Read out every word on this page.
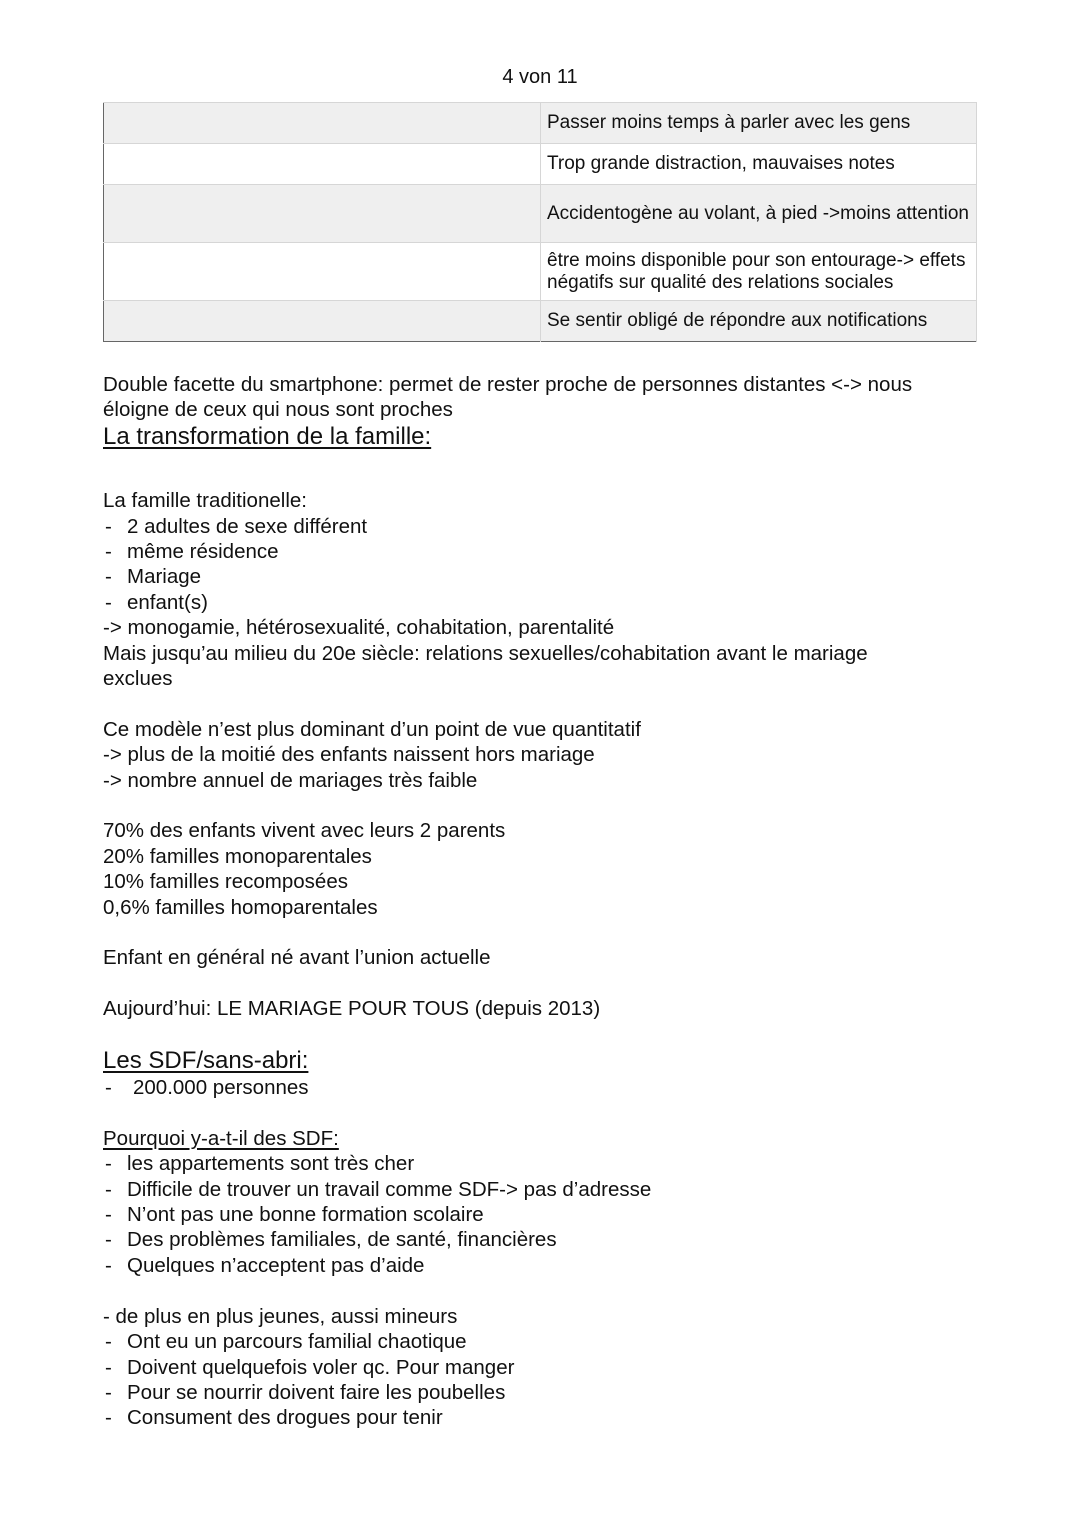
4 von 11
	Passer moins temps à parler avec les gens
	Trop grande distraction, mauvaises notes
	Accidentogène au volant, à pied ->moins attention
	être moins disponible pour son entourage-> effets négatifs sur qualité des relations sociales
	Se sentir obligé de répondre aux notifications
Double facette du smartphone: permet de rester proche de personnes distantes <-> nous
éloigne de ceux qui nous sont proches
La transformation de la famille:
La famille traditionelle:
- 2 adultes de sexe différent
- même résidence
- Mariage
- enfant(s)
-> monogamie, hétérosexualité, cohabitation, parentalité
Mais jusqu’au milieu du 20e siècle: relations sexuelles/cohabitation avant le mariage
exclues
Ce modèle n’est plus dominant d’un point de vue quantitatif
-> plus de la moitié des enfants naissent hors mariage
-> nombre annuel de mariages très faible
70% des enfants vivent avec leurs 2 parents
20% familles monoparentales
10% familles recomposées
0,6% familles homoparentales
Enfant en général né avant l’union actuelle
Aujourd’hui: LE MARIAGE POUR TOUS (depuis 2013)
Les SDF/sans-abri:
- 200.000 personnes
Pourquoi y-a-t-il des SDF:
- les appartements sont très cher
- Difficile de trouver un travail comme SDF-> pas d’adresse
- N’ont pas une bonne formation scolaire
- Des problèmes familiales, de santé, financières
- Quelques n’acceptent pas d’aide
- de plus en plus jeunes, aussi mineurs
- Ont eu un parcours familial chaotique
- Doivent quelquefois voler qc. Pour manger
- Pour se nourrir doivent faire les poubelles
- Consument des drogues pour tenir
